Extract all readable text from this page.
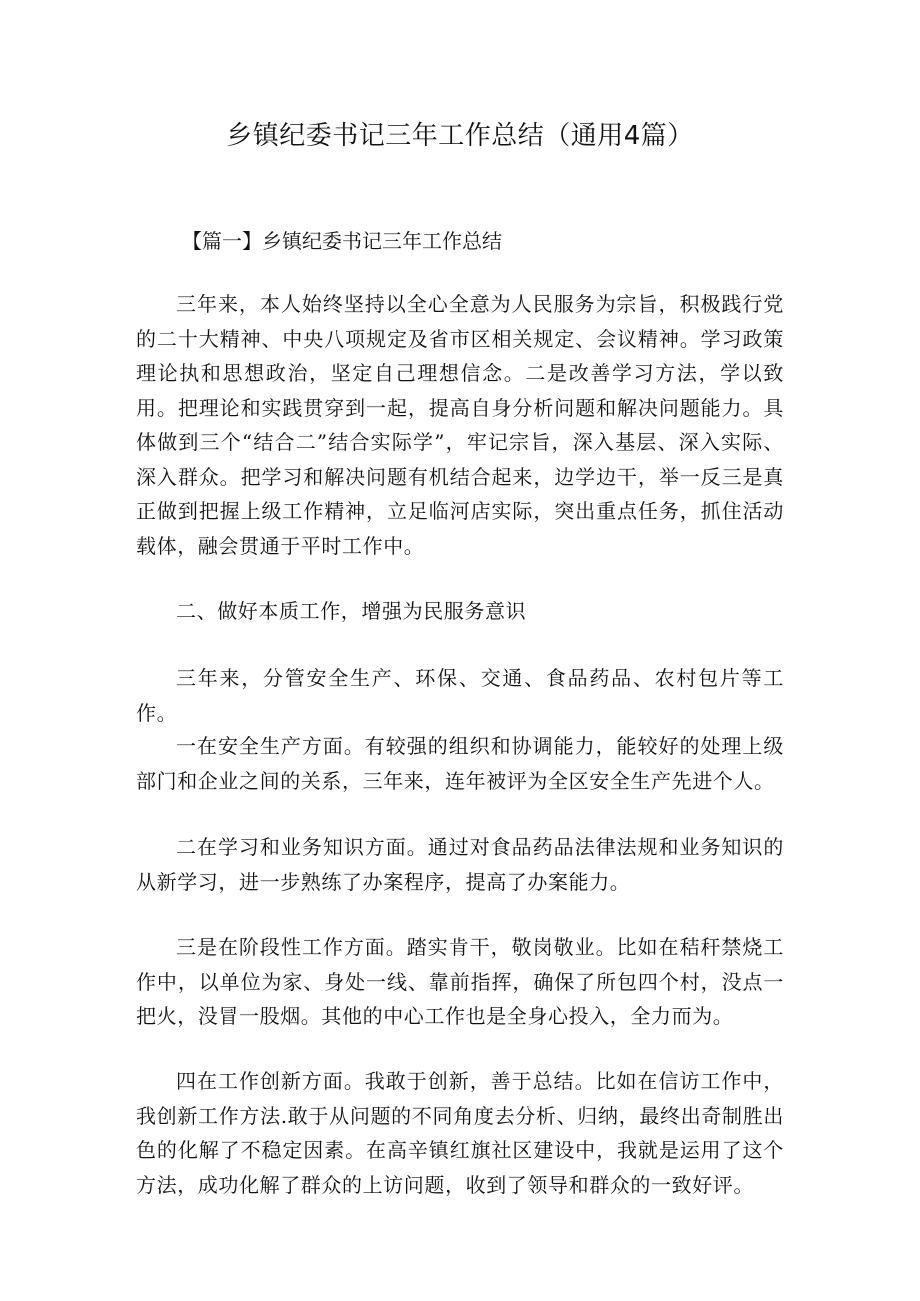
乡镇纪委书记三年工作总结（通用4篇）
【篇一】乡镇纪委书记三年工作总结

三年来，本人始终坚持以全心全意为人民服务为宗旨，积极践行党的二十大精神、中央八项规定及省市区相关规定、会议精神。学习政策理论执和思想政治，坚定自己理想信念。二是改善学习方法，学以致用。把理论和实践贯穿到一起，提高自身分析问题和解决问题能力。具体做到三个“结合二”结合实际学”，牢记宗旨，深入基层、深入实际、深入群众。把学习和解决问题有机结合起来，边学边干，举一反三是真正做到把握上级工作精神，立足临河店实际，突出重点任务，抓住活动载体，融会贯通于平时工作中。

二、做好本质工作，增强为民服务意识

三年来，分管安全生产、环保、交通、食品药品、农村包片等工作。

一在安全生产方面。有较强的组织和协调能力，能较好的处理上级部门和企业之间的关系，三年来，连年被评为全区安全生产先进个人。

二在学习和业务知识方面。通过对食品药品法律法规和业务知识的从新学习，进一步熟练了办案程序，提高了办案能力。

三是在阶段性工作方面。踏实肯干，敬岗敬业。比如在秸秆禁烧工作中，以单位为家、身处一线、靠前指挥，确保了所包四个村，没点一把火，没冒一股烟。其他的中心工作也是全身心投入，全力而为。

四在工作创新方面。我敢于创新，善于总结。比如在信访工作中，我创新工作方法.敢于从问题的不同角度去分析、归纳，最终出奇制胜出色的化解了不稳定因素。在高辛镇红旗社区建设中，我就是运用了这个方法，成功化解了群众的上访问题，收到了领导和群众的一致好评。
